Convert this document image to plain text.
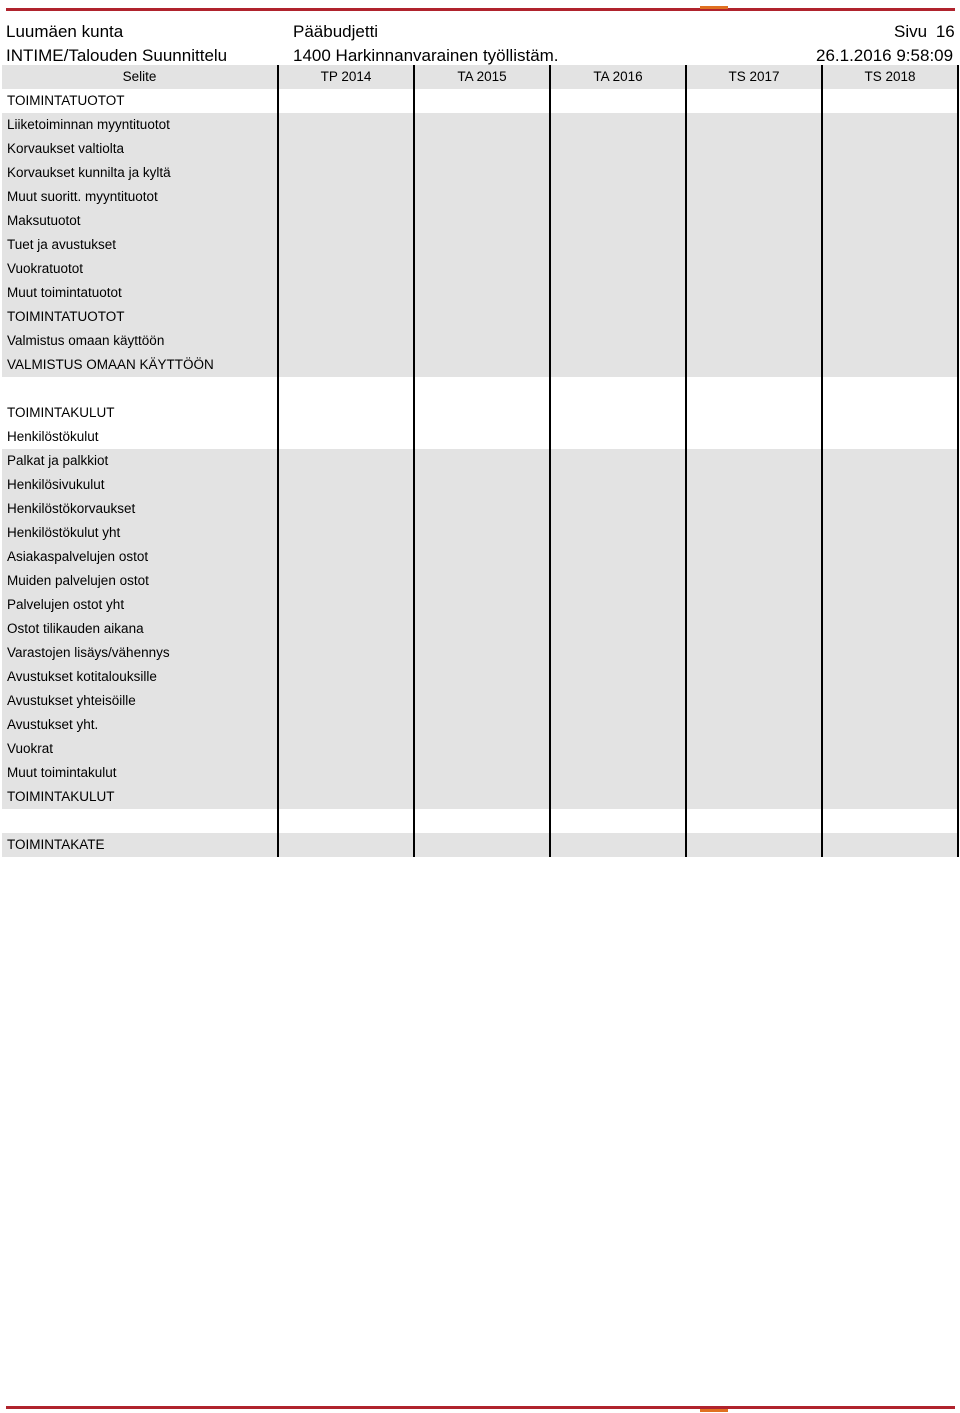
Luumäen kunta	Pääbudjetti	Sivu 16
INTIME/Talouden Suunnittelu	1400 Harkinnanvarainen työllistäm.	26.1.2016 9:58:09
Selite	TP 2014	TA 2015	TA 2016	TS 2017	TS 2018
TOIMINTATUOTOT					
Liiketoiminnan myyntituotot					
Korvaukset valtiolta					
Korvaukset kunnilta ja kyltä					
Muut suoritt. myyntituotot					
Maksutuotot					
Tuet ja avustukset					
Vuokratuotot					
Muut toimintatuotot					
TOIMINTATUOTOT					
Valmistus omaan käyttöön					
VALMISTUS OMAAN KÄYTTÖÖN					

TOIMINTAKULUT					
Henkilöstökulut					
Palkat ja palkkiot					
Henkilösivukulut					
Henkilöstökorvaukset					
Henkilöstökulut yht					
Asiakaspalvelujen ostot					
Muiden palvelujen ostot					
Palvelujen ostot yht					
Ostot tilikauden aikana					
Varastojen lisäys/vähennys					
Avustukset kotitalouksille					
Avustukset yhteisöille					
Avustukset yht.					
Vuokrat					
Muut toimintakulut					
TOIMINTAKULUT					

TOIMINTAKATE					
